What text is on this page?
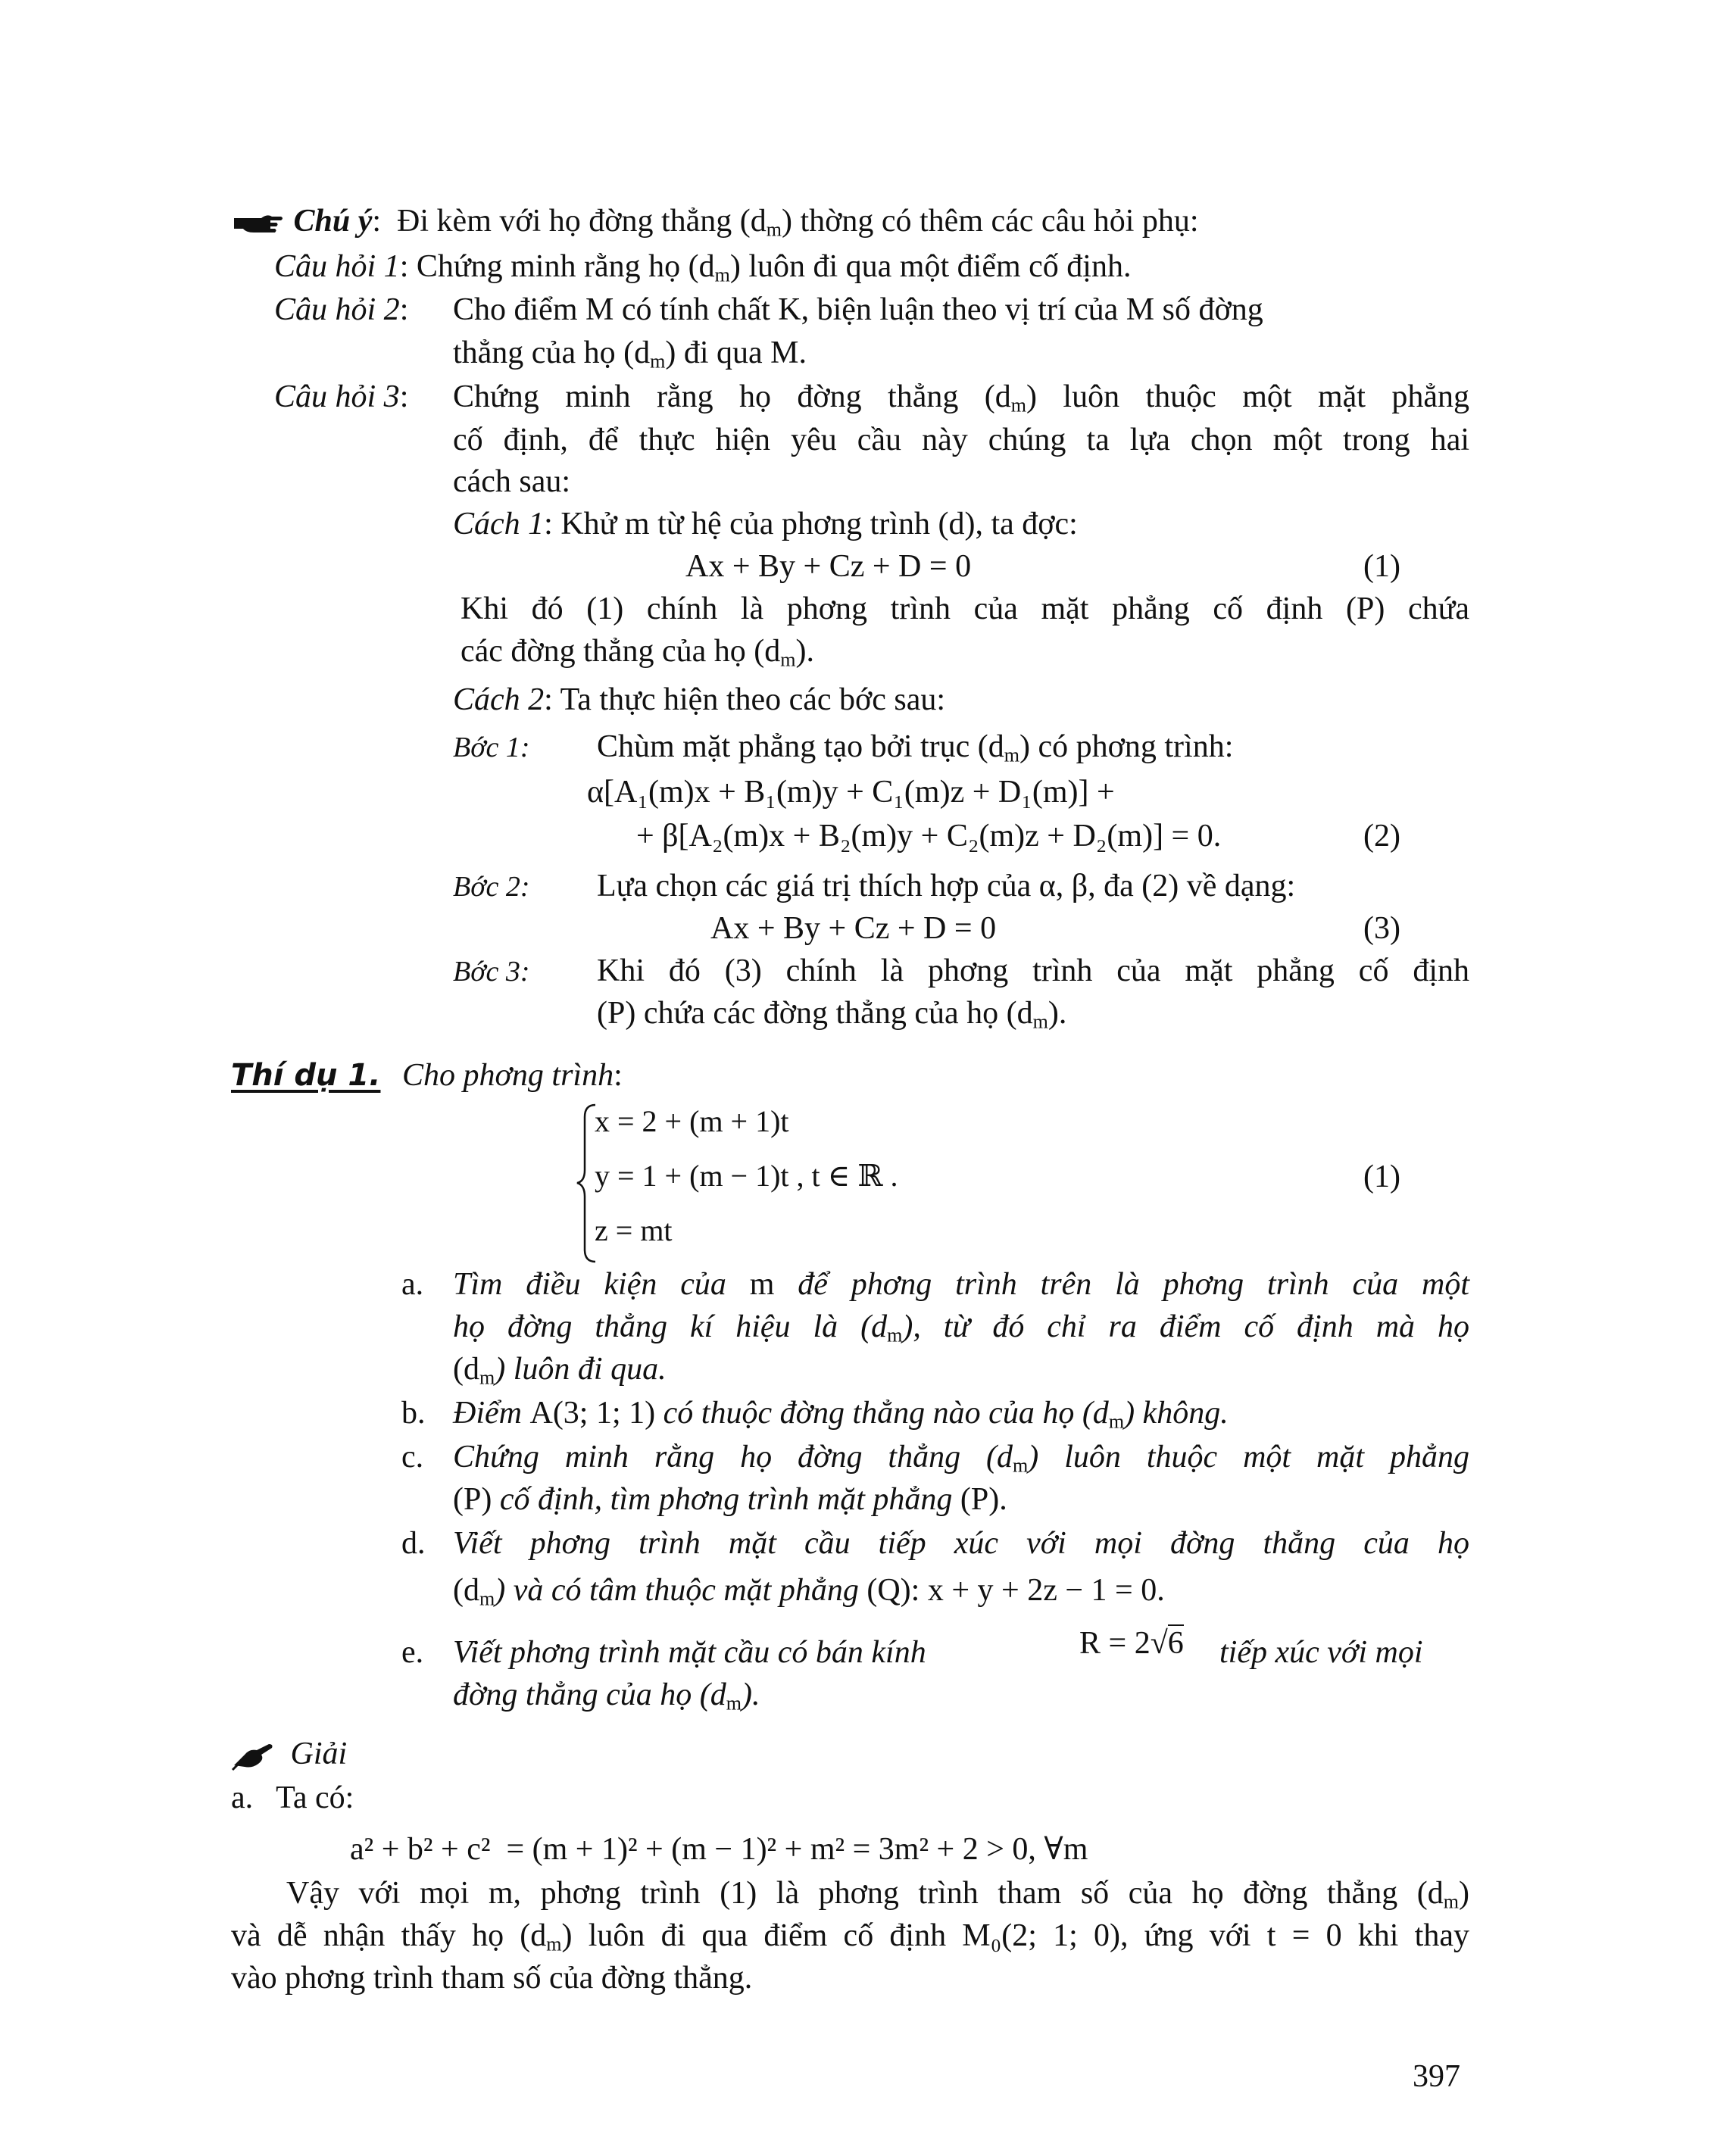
Chú ý:  Đi kèm với họ đờng thẳng $(d_m)$ thờng có thêm các câu hỏi phụ:
Câu hỏi 1: Chứng minh rằng họ $(d_m)$ luôn đi qua một điểm cố định.
Câu hỏi 2: Cho điểm M có tính chất K, biện luận theo vị trí của M số đờng
thẳng của họ $(d_m)$ đi qua M.
Câu hỏi 3: Chứng minh rằng họ đờng thẳng $(d_m)$ luôn thuộc một mặt phẳng
cố định, để thực hiện yêu cầu này chúng ta lựa chọn một trong hai
cách sau:
Cách 1: Khử m từ hệ của phơng trình (d), ta đợc:
Ax + By + Cz + D = 0	(1)
Khi đó (1) chính là phơng trình của mặt phẳng cố định (P) chứa
các đờng thẳng của họ $(d_m)$.
Cách 2: Ta thực hiện theo các bớc sau:
Bớc 1: Chùm mặt phẳng tạo bởi trục $(d_m)$ có phơng trình:
α[A₁(m)x + B₁(m)y + C₁(m)z + D₁(m)] +
+ β[A₂(m)x + B₂(m)y + C₂(m)z + D₂(m)] = 0.	(2)
Bớc 2: Lựa chọn các giá trị thích hợp của α, β, đa (2) về dạng:
Ax + By + Cz + D = 0	(3)
Bớc 3: Khi đó (3) chính là phơng trình của mặt phẳng cố định
(P) chứa các đờng thẳng của họ $(d_m)$.
Thí dụ 1. Cho phơng trình:
x = 2 + (m + 1)t
y = 1 + (m − 1)t , t ∈ ℝ .
z = mt
(1)
a. Tìm điều kiện của m để phơng trình trên là phơng trình của một
họ đờng thẳng kí hiệu là $(d_m)$, từ đó chỉ ra điểm cố định mà họ
$(d_m)$ luôn đi qua.
b. Điểm A(3; 1; 1) có thuộc đờng thẳng nào của họ $(d_m)$ không.
c. Chứng minh rằng họ đờng thẳng $(d_m)$ luôn thuộc một mặt phẳng
(P) cố định, tìm phơng trình mặt phẳng (P).
d. Viết phơng trình mặt cầu tiếp xúc với mọi đờng thẳng của họ
$(d_m)$ và có tâm thuộc mặt phẳng (Q): x + y + 2z − 1 = 0.
e. Viết phơng trình mặt cầu có bán kính	R = 2√6 tiếp xúc với mọi
đờng thẳng của họ $(d_m)$.
Giải
a. Ta có:
a² + b² + c² = (m + 1)² + (m − 1)² + m² = 3m² + 2 > 0, ∀m
Vậy với mọi m, phơng trình (1) là phơng trình tham số của họ đờng thẳng $(d_m)$
và dễ nhận thấy họ $(d_m)$ luôn đi qua điểm cố định M₀(2; 1; 0), ứng với t = 0 khi thay
vào phơng trình tham số của đờng thẳng.
397
